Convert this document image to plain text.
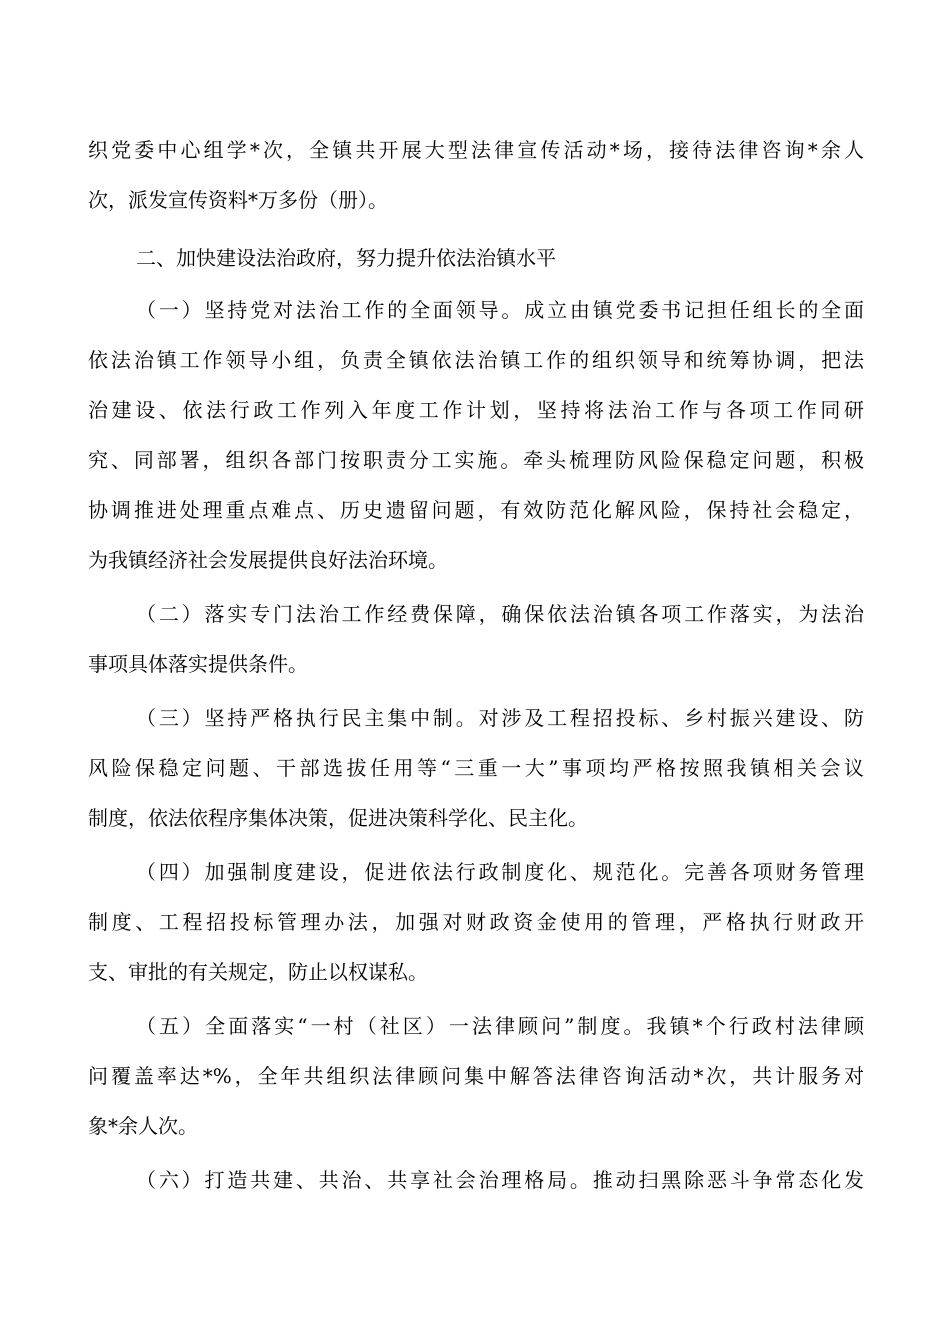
织党委中心组学*次，全镇共开展大型法律宣传活动*场，接待法律咨询*余人
次，派发宣传资料*万多份（册）。
二、加快建设法治政府，努力提升依法治镇水平
（一）坚持党对法治工作的全面领导。成立由镇党委书记担任组长的全面
依法治镇工作领导小组，负责全镇依法治镇工作的组织领导和统筹协调，把法
治建设、依法行政工作列入年度工作计划，坚持将法治工作与各项工作同研
究、同部署，组织各部门按职责分工实施。牵头梳理防风险保稳定问题，积极
协调推进处理重点难点、历史遗留问题，有效防范化解风险，保持社会稳定，
为我镇经济社会发展提供良好法治环境。
（二）落实专门法治工作经费保障，确保依法治镇各项工作落实，为法治
事项具体落实提供条件。
（三）坚持严格执行民主集中制。对涉及工程招投标、乡村振兴建设、防
风险保稳定问题、干部选拔任用等“三重一大”事项均严格按照我镇相关会议
制度，依法依程序集体决策，促进决策科学化、民主化。
（四）加强制度建设，促进依法行政制度化、规范化。完善各项财务管理
制度、工程招投标管理办法，加强对财政资金使用的管理，严格执行财政开
支、审批的有关规定，防止以权谋私。
（五）全面落实“一村（社区）一法律顾问”制度。我镇*个行政村法律顾
问覆盖率达*%，全年共组织法律顾问集中解答法律咨询活动*次，共计服务对
象*余人次。
（六）打造共建、共治、共享社会治理格局。推动扫黑除恶斗争常态化发
